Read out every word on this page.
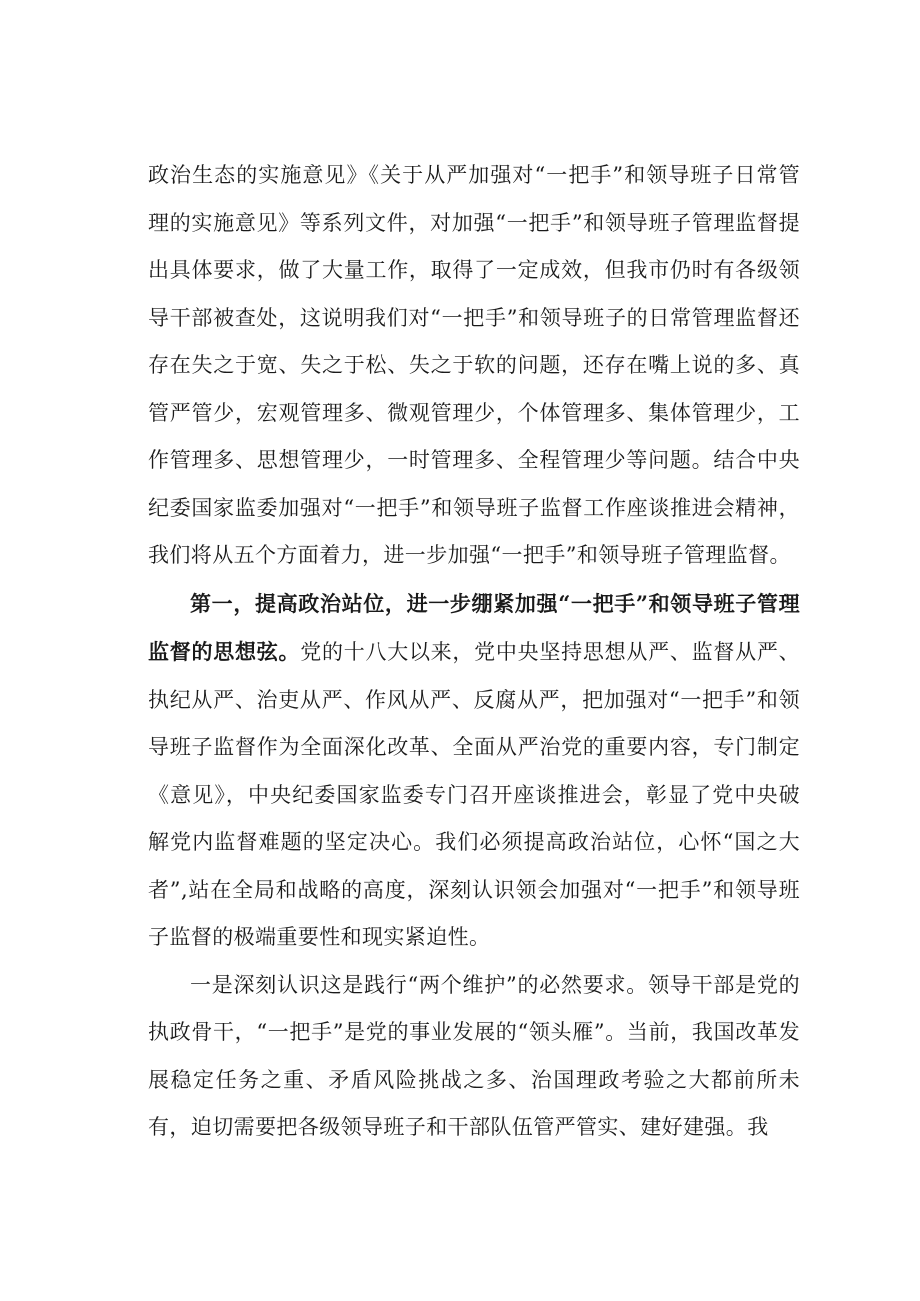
政治生态的实施意见》《关于从严加强对“一把手”和领导班子日常管理的实施意见》等系列文件，对加强“一把手”和领导班子管理监督提出具体要求，做了大量工作，取得了一定成效，但我市仍时有各级领导干部被查处，这说明我们对“一把手”和领导班子的日常管理监督还存在失之于宽、失之于松、失之于软的问题，还存在嘴上说的多、真管严管少，宏观管理多、微观管理少，个体管理多、集体管理少，工作管理多、思想管理少，一时管理多、全程管理少等问题。结合中央纪委国家监委加强对“一把手”和领导班子监督工作座谈推进会精神，我们将从五个方面着力，进一步加强“一把手”和领导班子管理监督。

第一，提高政治站位，进一步绷紧加强“一把手”和领导班子管理监督的思想弦。党的十八大以来，党中央坚持思想从严、监督从严、执纪从严、治吏从严、作风从严、反腐从严，把加强对“一把手”和领导班子监督作为全面深化改革、全面从严治党的重要内容，专门制定《意见》，中央纪委国家监委专门召开座谈推进会，彰显了党中央破解党内监督难题的坚定决心。我们必须提高政治站位，心怀“国之大者”,站在全局和战略的高度，深刻认识领会加强对“一把手”和领导班子监督的极端重要性和现实紧迫性。

一是深刻认识这是践行“两个维护”的必然要求。领导干部是党的执政骨干，“一把手”是党的事业发展的“领头雁”。当前，我国改革发展稳定任务之重、矛盾风险挑战之多、治国理政考验之大都前所未有，迫切需要把各级领导班子和干部队伍管严管实、建好建强。我
